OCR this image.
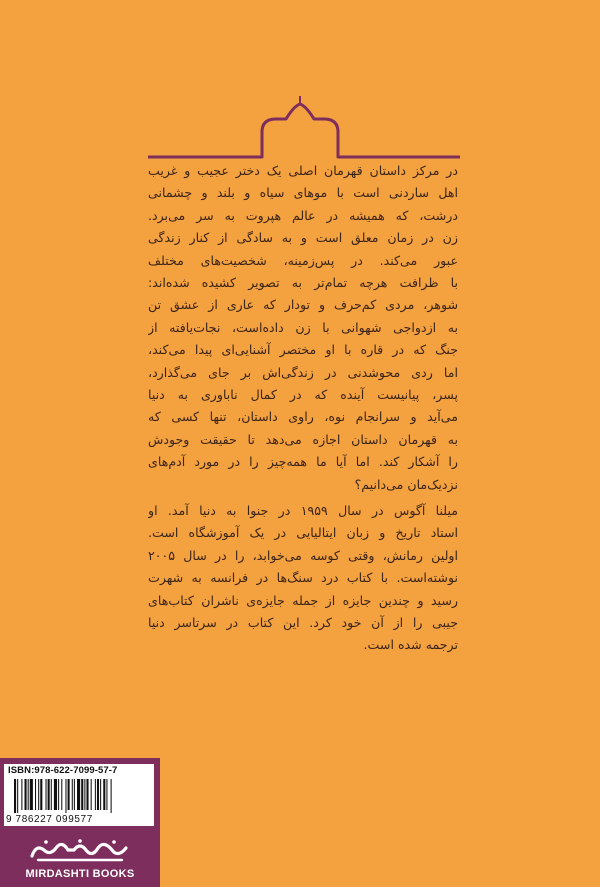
در مرکز داستان قهرمان اصلی یک دختر عجیب و غریب
اهل ساردنی است با موهای سیاه و بلند و چشمانی
درشت، که همیشه در عالم هپروت به سر می‌برد.
زن در زمان معلق است و به سادگی از کنار زندگی
عبور می‌کند. در پس‌زمینه، شخصیت‌های مختلف
با ظرافت هرچه تمام‌تر به تصویر کشیده شده‌اند:
شوهر، مردی کم‌حرف و تودار که عاری از عشق تن
به ازدواجی شهوانی با زن داده‌است، نجات‌یافته از
جنگ که در قاره با او مختصر آشنایی‌ای پیدا می‌کند،
اما ردی محوشدنی در زندگی‌اش بر جای می‌گذارد،
پسر، پیانیست آینده که در کمال ناباوری به دنیا
می‌آید و سرانجام نوه، راوی داستان، تنها کسی که
به قهرمان داستان اجازه می‌دهد تا حقیقت وجودش
را آشکار کند. اما آیا ما همه‌چیز را در مورد آدم‌های
نزدیک‌مان می‌دانیم؟
میلنا آگوس در سال ۱۹۵۹ در جنوا به دنیا آمد. او
استاد تاریخ و زبان ایتالیایی در یک آموزشگاه است.
اولین رمانش، وقتی کوسه می‌خوابد، را در سال ۲۰۰۵
نوشته‌است. با کتاب درد سنگ‌ها در فرانسه به شهرت
رسید و چندین جایزه از جمله جایزه‌ی ناشران کتاب‌های
جیبی را از آن خود کرد. این کتاب در سرتاسر دنیا
ترجمه شده است.
ISBN:978-622-7099-57-7
9 786227 099577
MIRDASHTI BOOKS
